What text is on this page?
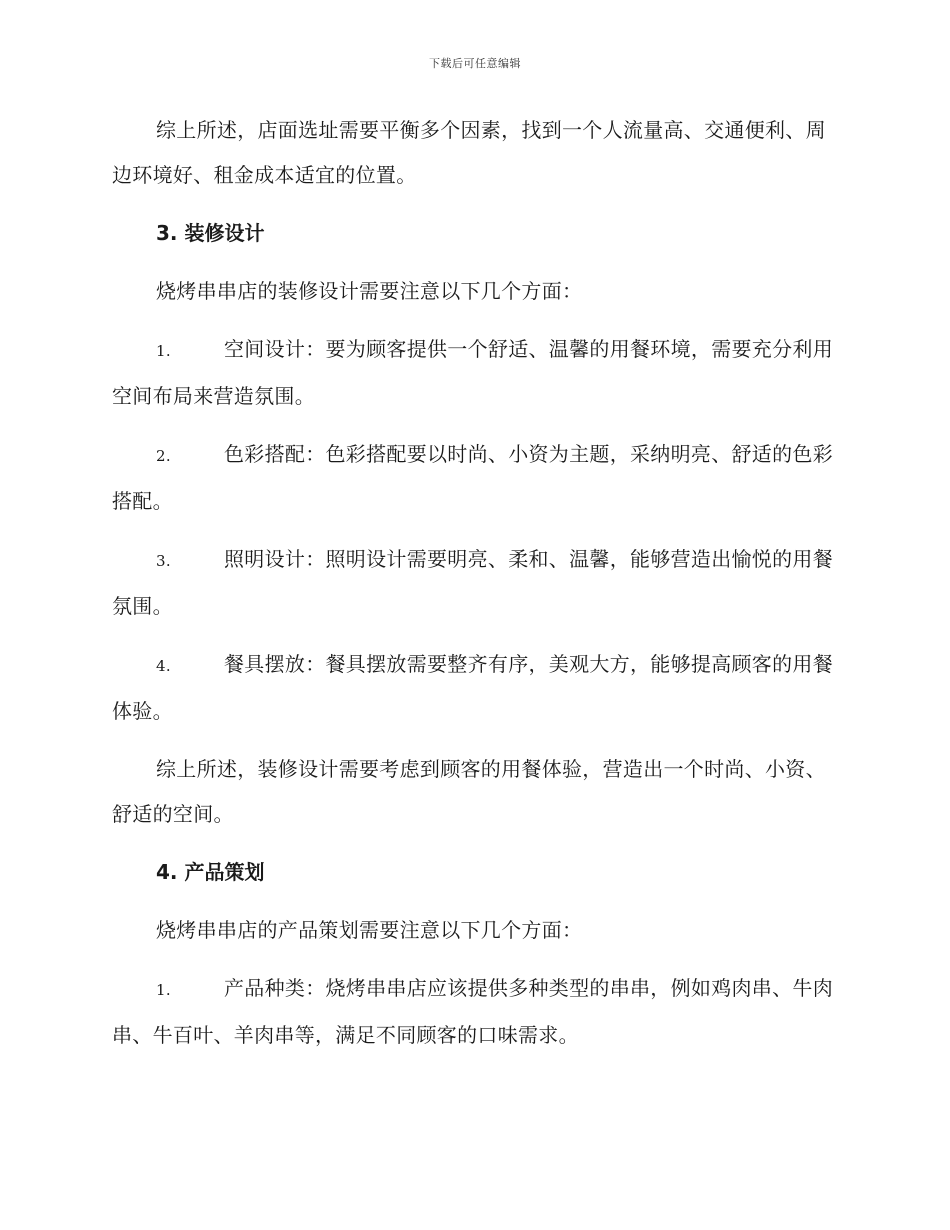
下载后可任意编辑

综上所述，店面选址需要平衡多个因素，找到一个人流量高、交通便利、周边环境好、租金成本适宜的位置。

3. 装修设计

烧烤串串店的装修设计需要注意以下几个方面：

1.	空间设计：要为顾客提供一个舒适、温馨的用餐环境，需要充分利用空间布局来营造氛围。

2.	色彩搭配：色彩搭配要以时尚、小资为主题，采纳明亮、舒适的色彩搭配。

3.	照明设计：照明设计需要明亮、柔和、温馨，能够营造出愉悦的用餐氛围。

4.	餐具摆放：餐具摆放需要整齐有序，美观大方，能够提高顾客的用餐体验。

综上所述，装修设计需要考虑到顾客的用餐体验，营造出一个时尚、小资、舒适的空间。

4. 产品策划

烧烤串串店的产品策划需要注意以下几个方面：

1.	产品种类：烧烤串串店应该提供多种类型的串串，例如鸡肉串、牛肉串、牛百叶、羊肉串等，满足不同顾客的口味需求。
